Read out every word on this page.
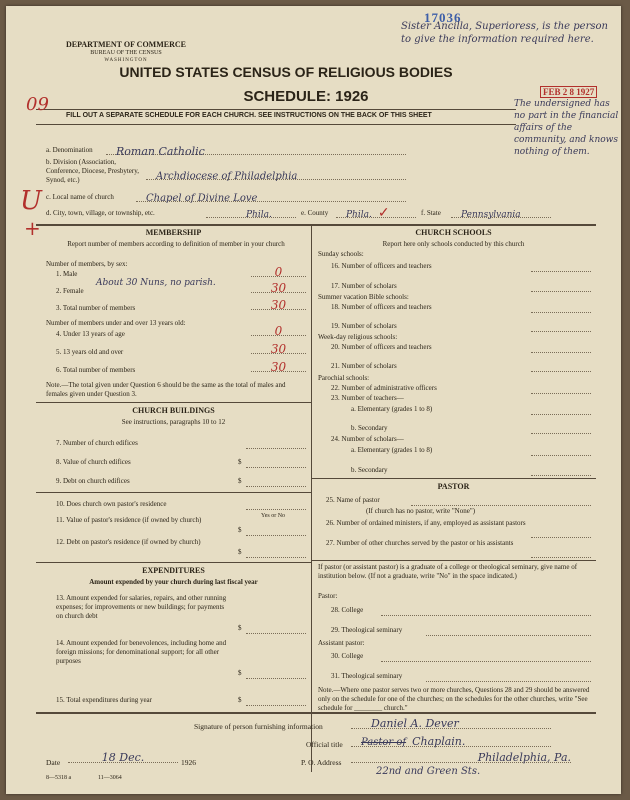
17036
FEB 2 8 1927
DEPARTMENT OF COMMERCE
BUREAU OF THE CENSUS
WASHINGTON
UNITED STATES CENSUS OF RELIGIOUS BODIES
SCHEDULE: 1926
FILL OUT A SEPARATE SCHEDULE FOR EACH CHURCH. SEE INSTRUCTIONS ON THE BACK OF THIS SHEET
Sister Ancilla, Superioress, is the person to give the information required here.
The undersigned has no part in the financial affairs of the community, and knows nothing of them.
09
U
+
a. Denomination	Roman Catholic
b. Division (Association, Conference, Diocese, Presbytery, Synod, etc.)	Archdiocese of Philadelphia
c. Local name of church	Chapel of Divine Love
d. City, town, village, or township, etc.	Phila.	e. County	Phila. ✓	f. State	Pennsylvania
MEMBERSHIP
Report number of members according to definition of member in your church
Number of members, by sex:
1. Male	0
2. Female
About 30 Nuns, no parish.	30
3. Total number of members	30
Number of members under and over 13 years old:
4. Under 13 years of age	0
5. 13 years old and over	30
6. Total number of members	30
Note.—The total given under Question 6 should be the same as the total of males and females given under Question 3.
CHURCH BUILDINGS
See instructions, paragraphs 10 to 12
7. Number of church edifices
8. Value of church edifices	$
9. Debt on church edifices	$
10. Does church own pastor's residence
Yes or No
11. Value of pastor's residence (if owned by church)
$
12. Debt on pastor's residence (if owned by church)
$
EXPENDITURES
Amount expended by your church during last fiscal year
13. Amount expended for salaries, repairs, and other running expenses; for improvements or new buildings; for payments on church debt
$
14. Amount expended for benevolences, including home and foreign missions; for denominational support; for all other purposes
$
15. Total expenditures during year	$
CHURCH SCHOOLS
Report here only schools conducted by this church
Sunday schools:
16. Number of officers and teachers
17. Number of scholars
Summer vacation Bible schools:
18. Number of officers and teachers
19. Number of scholars
Week-day religious schools:
20. Number of officers and teachers
21. Number of scholars
Parochial schools:
22. Number of administrative officers
23. Number of teachers—
a. Elementary (grades 1 to 8)
b. Secondary
24. Number of scholars—
a. Elementary (grades 1 to 8)
b. Secondary
PASTOR
25. Name of pastor
(If church has no pastor, write "None")
26. Number of ordained ministers, if any, employed as assistant pastors
27. Number of other churches served by the pastor or his assistants
If pastor (or assistant pastor) is a graduate of a college or theological seminary, give name of institution below. (If not a graduate, write "No" in the space indicated.)
Pastor:
28. College
29. Theological seminary
Assistant pastor:
30. College
31. Theological seminary
Note.—Where one pastor serves two or more churches, Questions 28 and 29 should be answered only on the schedule for one of the churches; on the schedules for the other churches, write "See schedule for ________ church."
Signature of person furnishing information	Daniel A. Dever
Official title	Pastor of Chaplain.
Date	18 Dec.	1926	P. O. Address	Philadelphia, Pa.
22nd and Green Sts.
8—5318 a	11—3064
